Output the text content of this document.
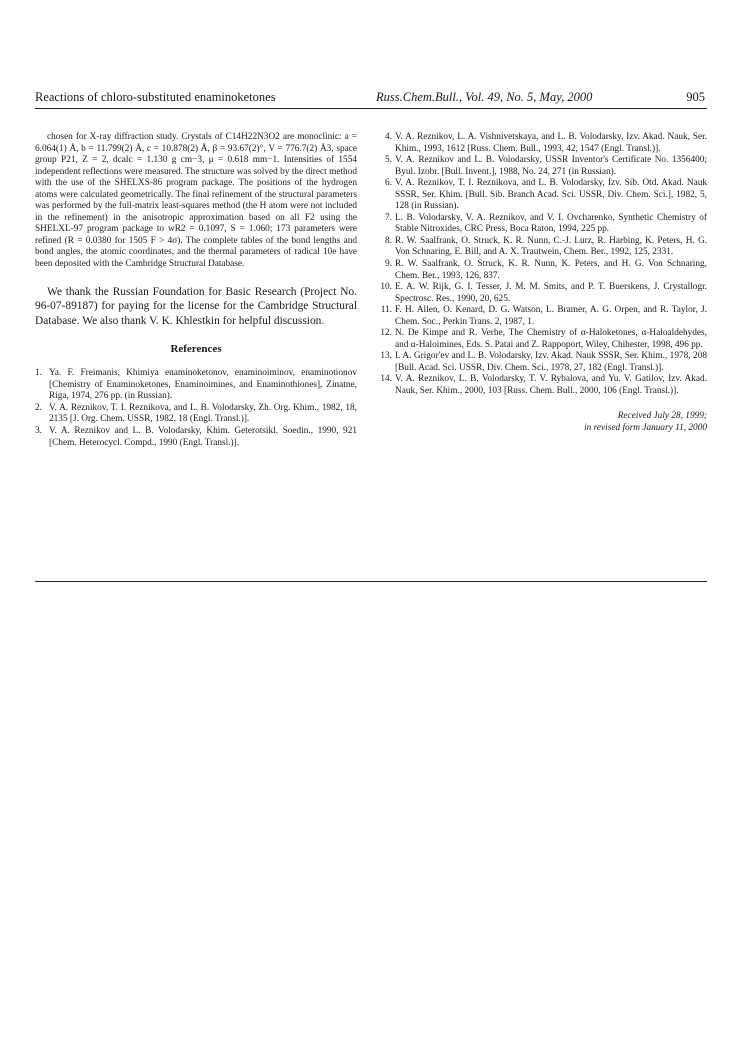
Reactions of chloro-substituted enaminoketones	Russ.Chem.Bull., Vol. 49, No. 5, May, 2000	905

chosen for X-ray diffraction study. Crystals of C14H22N3O2 are monoclinic: a = 6.064(1) Å, b = 11.799(2) Å, c = 10.878(2) Å, β = 93.67(2)°, V = 776.7(2) Å3, space group P21, Z = 2, dcalc = 1.130 g cm−3, μ = 0.618 mm−1. Intensities of 1554 independent reflections were measured. The structure was solved by the direct method with the use of the SHELXS-86 program package. The positions of the hydrogen atoms were calculated geometrically. The final refinement of the structural parameters was performed by the full-matrix least-squares method (the H atom were not included in the refinement) in the anisotropic approximation based on all F2 using the SHELXL-97 program package to wR2 = 0.1097, S = 1.060; 173 parameters were refined (R = 0.0380 for 1505 F > 4σ). The complete tables of the bond lengths and bond angles, the atomic coordinates, and the thermal parameters of radical 10e have been deposited with the Cambridge Structural Database.

We thank the Russian Foundation for Basic Research (Project No. 96-07-89187) for paying for the license for the Cambridge Structural Database. We also thank V. K. Khlestkin for helpful discussion.

References
1. Ya. F. Freimanis, Khimiya enaminoketonov, enaminoiminov, enaminotionov [Chemistry of Enaminoketones, Enaminoimines, and Enaminothiones], Zinatne, Riga, 1974, 276 pp. (in Russian).
2. V. A. Reznikov, T. I. Reznikova, and L. B. Volodarsky, Zh. Org. Khim., 1982, 18, 2135 [J. Org. Chem. USSR, 1982, 18 (Engl. Transl.)].
3. V. A. Reznikov and L. B. Volodarsky, Khim. Geterotsikl. Soedin., 1990, 921 [Chem. Heterocycl. Compd., 1990 (Engl. Transl.)].
4. V. A. Reznikov, L. A. Vishnivetskaya, and L. B. Volodarsky, Izv. Akad. Nauk, Ser. Khim., 1993, 1612 [Russ. Chem. Bull., 1993, 42, 1547 (Engl. Transl.)].
5. V. A. Reznikov and L. B. Volodarsky, USSR Inventor's Certificate No. 1356400; Byul. Izobr. [Bull. Invent.], 1988, No. 24, 271 (in Russian).
6. V. A. Reznikov, T. I. Reznikova, and L. B. Volodarsky, Izv. Sib. Otd. Akad. Nauk SSSR, Ser. Khim. [Bull. Sib. Branch Acad. Sci. USSR, Div. Chem. Sci.], 1982, 5, 128 (in Russian).
7. L. B. Volodarsky, V. A. Reznikov, and V. I. Ovcharenko, Synthetic Chemistry of Stable Nitroxides, CRC Press, Boca Raton, 1994, 225 pp.
8. R. W. Saalfrank, O. Struck, K. R. Nunn, C.-J. Lurz, R. Harbing, K. Peters, H. G. Von Schnaring, E. Bill, and A. X. Trautwein, Chem. Ber., 1992, 125, 2331.
9. R. W. Saalfrank, O. Struck, K. R. Nunn, K. Peters, and H. G. Von Schnaring, Chem. Ber., 1993, 126, 837.
10. E. A. W. Rijk, G. I. Tesser, J. M. M. Smits, and P. T. Buerskens, J. Crystallogr. Spectrosc. Res., 1990, 20, 625.
11. F. H. Allen, O. Kenard, D. G. Watson, L. Bramer, A. G. Orpen, and R. Taylor, J. Chem. Soc., Perkin Trans. 2, 1987, 1.
12. N. De Kimpe and R. Verhe, The Chemistry of α-Haloketones, α-Haloaldehydes, and α-Haloimines, Eds. S. Patai and Z. Rappoport, Wiley, Chihester, 1998, 496 pp.
13. I. A. Grigor'ev and L. B. Volodarsky, Izv. Akad. Nauk SSSR, Ser. Khim., 1978, 208 [Bull. Acad. Sci. USSR, Div. Chem. Sci., 1978, 27, 182 (Engl. Transl.)].
14. V. A. Reznikov, L. B. Volodarsky, T. V. Rybalova, and Yu. V. Gatilov, Izv. Akad. Nauk, Ser. Khim., 2000, 103 [Russ. Chem. Bull., 2000, 106 (Engl. Transl.)].
Received July 28, 1999;
in revised form January 11, 2000
